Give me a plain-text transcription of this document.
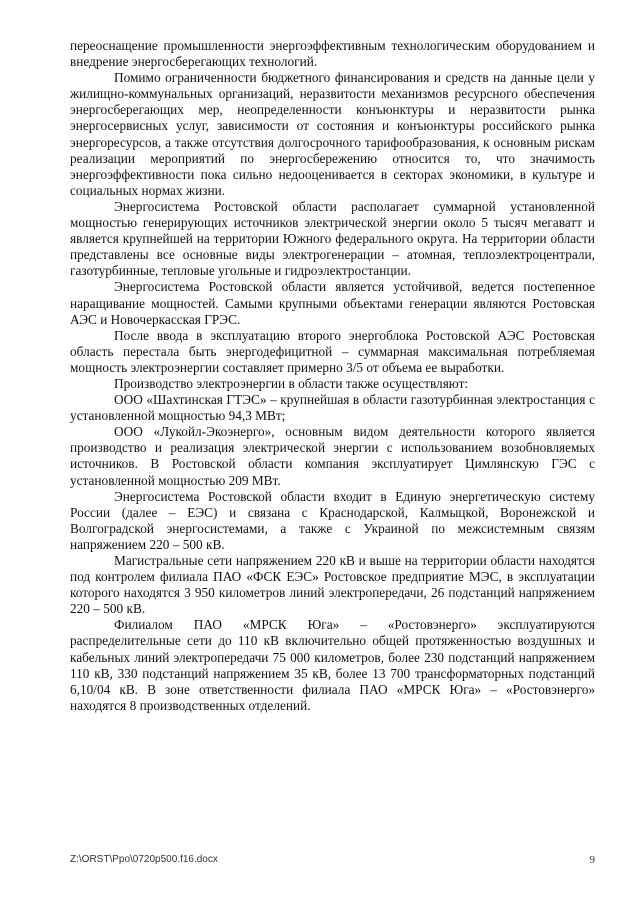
переоснащение промышленности энергоэффективным технологическим оборудованием и внедрение энергосберегающих технологий.

Помимо ограниченности бюджетного финансирования и средств на данные цели у жилищно-коммунальных организаций, неразвитости механизмов ресурсного обеспечения энергосберегающих мер, неопределенности конъюнктуры и неразвитости рынка энергосервисных услуг, зависимости от состояния и конъюнктуры российского рынка энергоресурсов, а также отсутствия долгосрочного тарифообразования, к основным рискам реализации мероприятий по энергосбережению относится то, что значимость энергоэффективности пока сильно недооценивается в секторах экономики, в культуре и социальных нормах жизни.

Энергосистема Ростовской области располагает суммарной установленной мощностью генерирующих источников электрической энергии около 5 тысяч мегаватт и является крупнейшей на территории Южного федерального округа. На территории области представлены все основные виды электрогенерации – атомная, теплоэлектроцентрали, газотурбинные, тепловые угольные и гидроэлектростанции.

Энергосистема Ростовской области является устойчивой, ведется постепенное наращивание мощностей. Самыми крупными объектами генерации являются Ростовская АЭС и Новочеркасская ГРЭС.

После ввода в эксплуатацию второго энергоблока Ростовской АЭС Ростовская область перестала быть энергодефицитной – суммарная максимальная потребляемая мощность электроэнергии составляет примерно 3/5 от объема ее выработки.

Производство электроэнергии в области также осуществляют:

ООО «Шахтинская ГТЭС» – крупнейшая в области газотурбинная электростанция с установленной мощностью 94,3 МВт;

ООО «Лукойл-Экоэнерго», основным видом деятельности которого является производство и реализация электрической энергии с использованием возобновляемых источников. В Ростовской области компания эксплуатирует Цимлянскую ГЭС с установленной мощностью 209 МВт.

Энергосистема Ростовской области входит в Единую энергетическую систему России (далее – ЕЭС) и связана с Краснодарской, Калмыцкой, Воронежской и Волгоградской энергосистемами, а также с Украиной по межсистемным связям напряжением 220 – 500 кВ.

Магистральные сети напряжением 220 кВ и выше на территории области находятся под контролем филиала ПАО «ФСК ЕЭС» Ростовское предприятие МЭС, в эксплуатации которого находятся 3 950 километров линий электропередачи, 26 подстанций напряжением 220 – 500 кВ.

Филиалом ПАО «МРСК Юга» – «Ростовэнерго» эксплуатируются распределительные сети до 110 кВ включительно общей протяженностью воздушных и кабельных линий электропередачи 75 000 километров, более 230 подстанций напряжением 110 кВ, 330 подстанций напряжением 35 кВ, более 13 700 трансформаторных подстанций 6,10/04 кВ. В зоне ответственности филиала ПАО «МРСК Юга» – «Ростовэнерго» находятся 8 производственных отделений.

Z:\ORST\Ppo\0720p500.f16.docx	9
